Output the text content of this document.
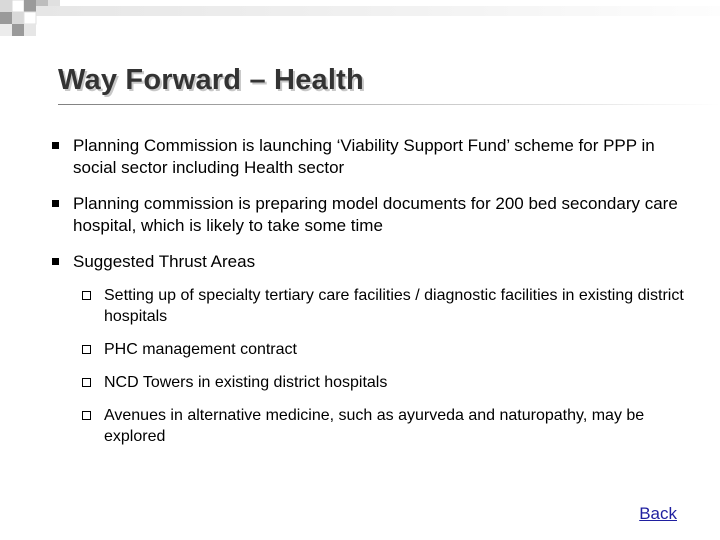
Way Forward – Health
Planning Commission is launching ‘Viability Support Fund’ scheme for PPP in social sector including Health sector
Planning commission is preparing model documents for 200 bed secondary care hospital, which is likely to take some time
Suggested Thrust Areas
Setting up of specialty tertiary care facilities / diagnostic facilities in existing district hospitals
PHC management contract
NCD Towers in existing district hospitals
Avenues in alternative medicine, such as ayurveda and naturopathy, may be explored
Back
